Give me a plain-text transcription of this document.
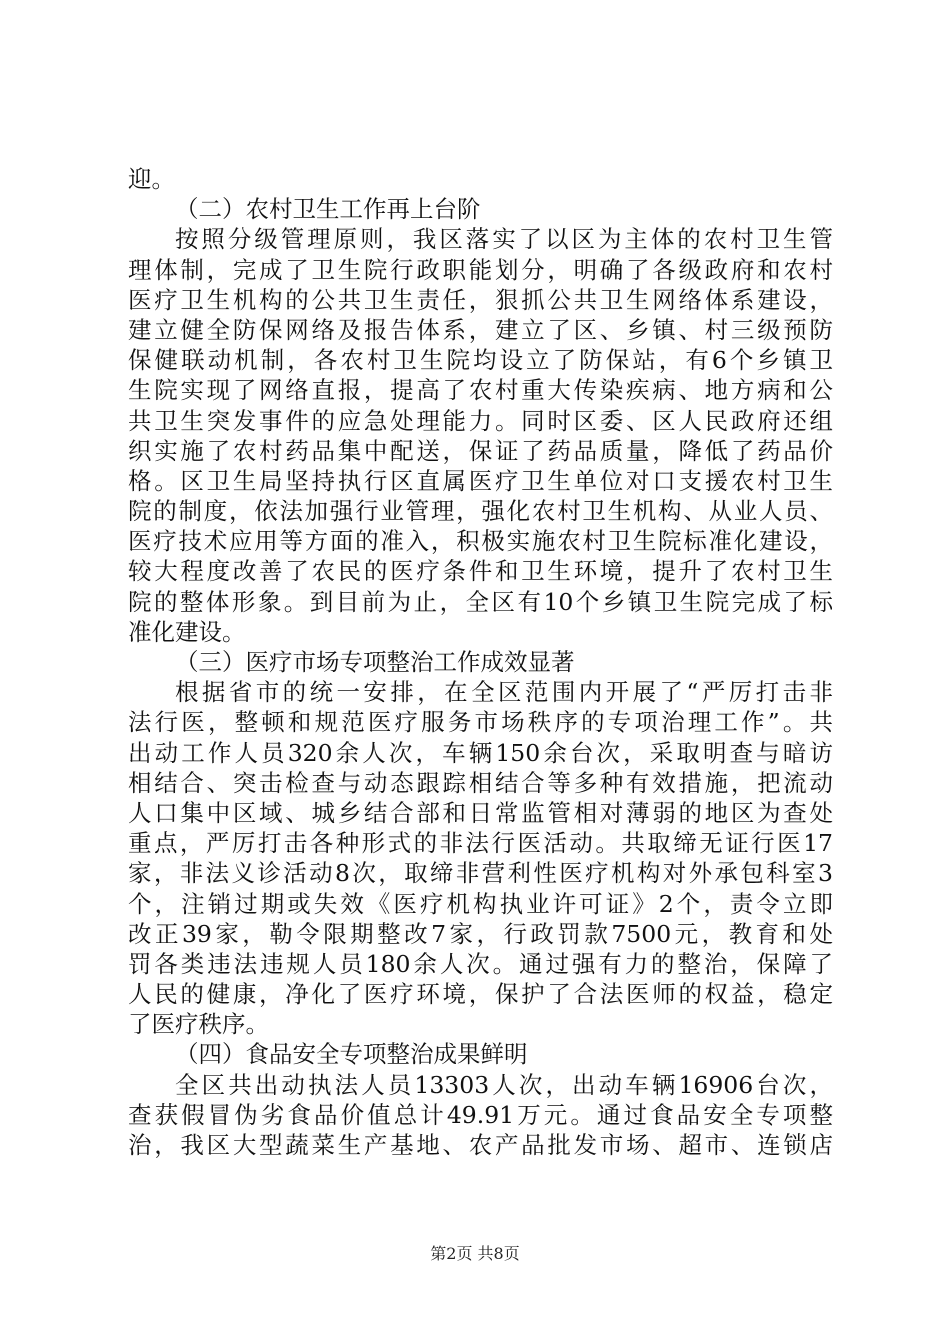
迎。
（二）农村卫生工作再上台阶
按照分级管理原则，我区落实了以区为主体的农村卫生管
理体制，完成了卫生院行政职能划分，明确了各级政府和农村
医疗卫生机构的公共卫生责任，狠抓公共卫生网络体系建设，
建立健全防保网络及报告体系，建立了区、乡镇、村三级预防
保健联动机制，各农村卫生院均设立了防保站，有6个乡镇卫
生院实现了网络直报，提高了农村重大传染疾病、地方病和公
共卫生突发事件的应急处理能力。同时区委、区人民政府还组
织实施了农村药品集中配送，保证了药品质量，降低了药品价
格。区卫生局坚持执行区直属医疗卫生单位对口支援农村卫生
院的制度，依法加强行业管理，强化农村卫生机构、从业人员、
医疗技术应用等方面的准入，积极实施农村卫生院标准化建设，
较大程度改善了农民的医疗条件和卫生环境，提升了农村卫生
院的整体形象。到目前为止，全区有10个乡镇卫生院完成了标
准化建设。
（三）医疗市场专项整治工作成效显著
根据省市的统一安排，在全区范围内开展了“严厉打击非
法行医，整顿和规范医疗服务市场秩序的专项治理工作”。共
出动工作人员320余人次，车辆150余台次，采取明查与暗访
相结合、突击检查与动态跟踪相结合等多种有效措施，把流动
人口集中区域、城乡结合部和日常监管相对薄弱的地区为查处
重点，严厉打击各种形式的非法行医活动。共取缔无证行医17
家，非法义诊活动8次，取缔非营利性医疗机构对外承包科室3
个，注销过期或失效《医疗机构执业许可证》2个，责令立即
改正39家，勒令限期整改7家，行政罚款7500元，教育和处
罚各类违法违规人员180余人次。通过强有力的整治，保障了
人民的健康，净化了医疗环境，保护了合法医师的权益，稳定
了医疗秩序。
（四）食品安全专项整治成果鲜明
全区共出动执法人员13303人次，出动车辆16906台次，
查获假冒伪劣食品价值总计49.91万元。通过食品安全专项整
治，我区大型蔬菜生产基地、农产品批发市场、超市、连锁店
第2页 共8页
